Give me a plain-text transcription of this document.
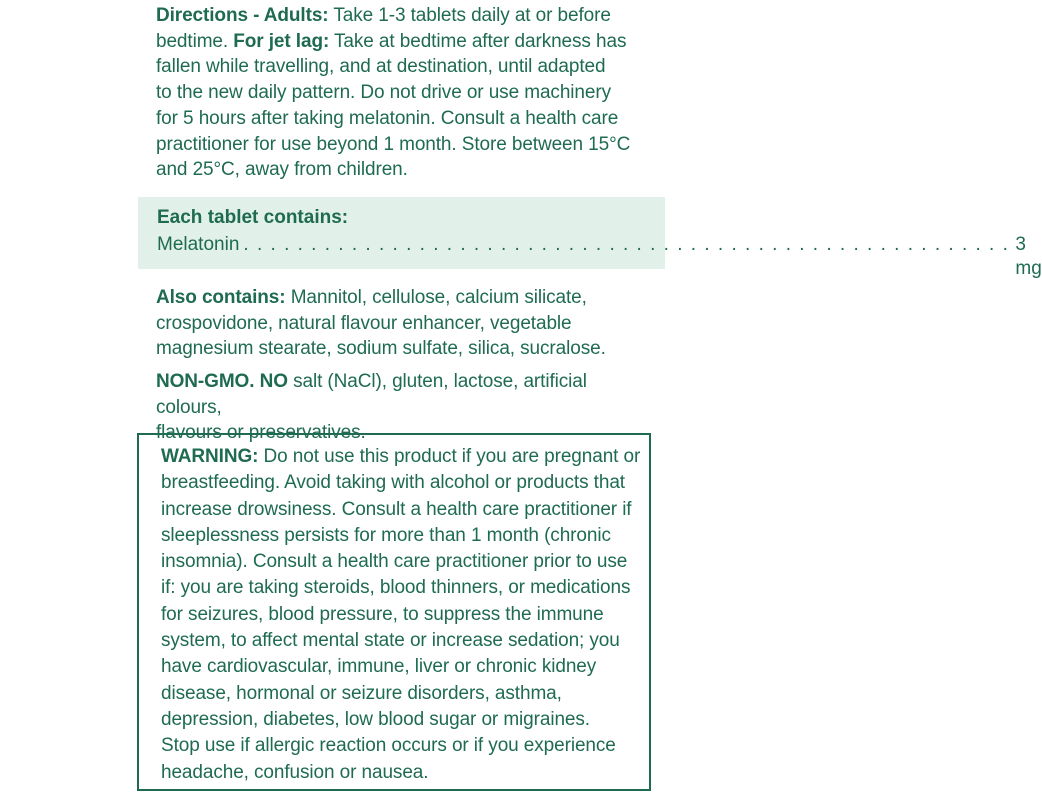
Directions - Adults: Take 1-3 tablets daily at or before
bedtime. For jet lag: Take at bedtime after darkness has
fallen while travelling, and at destination, until adapted
to the new daily pattern. Do not drive or use machinery
for 5 hours after taking melatonin. Consult a health care
practitioner for use beyond 1 month. Store between 15°C
and 25°C, away from children.
Each tablet contains:
Melatonin . . . . . . . . . . . . . . . . . . . . . . . . . . . . . . . . . . . . . . . . . . . . . . . . . . . . . . . . . 3 mg
Also contains: Mannitol, cellulose, calcium silicate,
crospovidone, natural flavour enhancer, vegetable
magnesium stearate, sodium sulfate, silica, sucralose.
NON-GMO. NO salt (NaCl), gluten, lactose, artificial colours,
flavours or preservatives.
WARNING: Do not use this product if you are pregnant or
breastfeeding. Avoid taking with alcohol or products that
increase drowsiness. Consult a health care practitioner if
sleeplessness persists for more than 1 month (chronic
insomnia). Consult a health care practitioner prior to use
if: you are taking steroids, blood thinners, or medications
for seizures, blood pressure, to suppress the immune
system, to affect mental state or increase sedation; you
have cardiovascular, immune, liver or chronic kidney
disease, hormonal or seizure disorders, asthma,
depression, diabetes, low blood sugar or migraines.
Stop use if allergic reaction occurs or if you experience
headache, confusion or nausea.
